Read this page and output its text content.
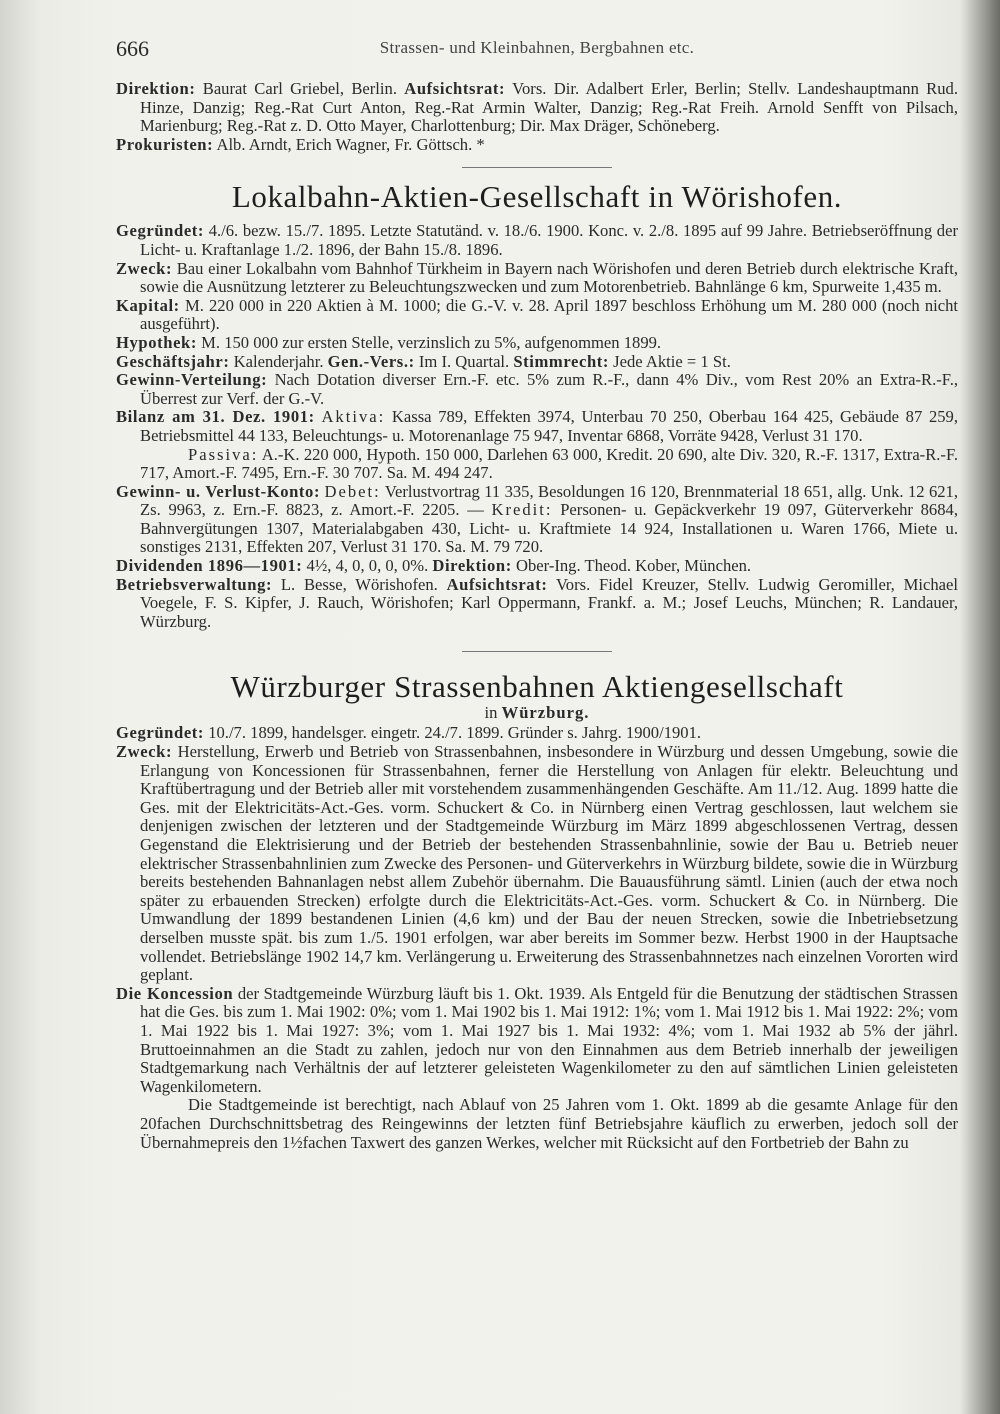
666	Strassen- und Kleinbahnen, Bergbahnen etc.

Direktion: Baurat Carl Griebel, Berlin. Aufsichtsrat: Vors. Dir. Adalbert Erler, Berlin; Stellv. Landeshauptmann Rud. Hinze, Danzig; Reg.-Rat Curt Anton, Reg.-Rat Armin Walter, Danzig; Reg.-Rat Freih. Arnold Senfft von Pilsach, Marienburg; Reg.-Rat z. D. Otto Mayer, Charlottenburg; Dir. Max Dräger, Schöneberg.

Prokuristen: Alb. Arndt, Erich Wagner, Fr. Göttsch. *

Lokalbahn-Aktien-Gesellschaft in Wörishofen.

Gegründet: 4./6. bezw. 15./7. 1895. Letzte Statutänd. v. 18./6. 1900. Konc. v. 2./8. 1895 auf 99 Jahre. Betriebseröffnung der Licht- u. Kraftanlage 1./2. 1896, der Bahn 15./8. 1896.

Zweck: Bau einer Lokalbahn vom Bahnhof Türkheim in Bayern nach Wörishofen und deren Betrieb durch elektrische Kraft, sowie die Ausnützung letzterer zu Beleuchtungszwecken und zum Motorenbetrieb. Bahnlänge 6 km, Spurweite 1,435 m.

Kapital: M. 220 000 in 220 Aktien à M. 1000; die G.-V. v. 28. April 1897 beschloss Erhöhung um M. 280 000 (noch nicht ausgeführt).

Hypothek: M. 150 000 zur ersten Stelle, verzinslich zu 5%, aufgenommen 1899.

Geschäftsjahr: Kalenderjahr. Gen.-Vers.: Im I. Quartal. Stimmrecht: Jede Aktie = 1 St.

Gewinn-Verteilung: Nach Dotation diverser Ern.-F. etc. 5% zum R.-F., dann 4% Div., vom Rest 20% an Extra-R.-F., Überrest zur Verf. der G.-V.

Bilanz am 31. Dez. 1901: Aktiva: Kassa 789, Effekten 3974, Unterbau 70 250, Oberbau 164 425, Gebäude 87 259, Betriebsmittel 44 133, Beleuchtungs- u. Motorenanlage 75 947, Inventar 6868, Vorräte 9428, Verlust 31 170.

Passiva: A.-K. 220 000, Hypoth. 150 000, Darlehen 63 000, Kredit. 20 690, alte Div. 320, R.-F. 1317, Extra-R.-F. 717, Amort.-F. 7495, Ern.-F. 30 707. Sa. M. 494 247.

Gewinn- u. Verlust-Konto: Debet: Verlustvortrag 11 335, Besoldungen 16 120, Brennmaterial 18 651, allg. Unk. 12 621, Zs. 9963, z. Ern.-F. 8823, z. Amort.-F. 2205. — Kredit: Personen- u. Gepäckverkehr 19 097, Güterverkehr 8684, Bahnvergütungen 1307, Materialabgaben 430, Licht- u. Kraftmiete 14 924, Installationen u. Waren 1766, Miete u. sonstiges 2131, Effekten 207, Verlust 31 170. Sa. M. 79 720.

Dividenden 1896—1901: 4½, 4, 0, 0, 0, 0%. Direktion: Ober-Ing. Theod. Kober, München.

Betriebsverwaltung: L. Besse, Wörishofen. Aufsichtsrat: Vors. Fidel Kreuzer, Stellv. Ludwig Geromiller, Michael Voegele, F. S. Kipfer, J. Rauch, Wörishofen; Karl Oppermann, Frankf. a. M.; Josef Leuchs, München; R. Landauer, Würzburg.

Würzburger Strassenbahnen Aktiengesellschaft
in Würzburg.

Gegründet: 10./7. 1899, handelsger. eingetr. 24./7. 1899. Gründer s. Jahrg. 1900/1901.

Zweck: Herstellung, Erwerb und Betrieb von Strassenbahnen, insbesondere in Würzburg und dessen Umgebung, sowie die Erlangung von Koncessionen für Strassenbahnen, ferner die Herstellung von Anlagen für elektr. Beleuchtung und Kraftübertragung und der Betrieb aller mit vorstehendem zusammenhängenden Geschäfte. Am 11./12. Aug. 1899 hatte die Ges. mit der Elektricitäts-Act.-Ges. vorm. Schuckert & Co. in Nürnberg einen Vertrag geschlossen, laut welchem sie denjenigen zwischen der letzteren und der Stadtgemeinde Würzburg im März 1899 abgeschlossenen Vertrag, dessen Gegenstand die Elektrisierung und der Betrieb der bestehenden Strassenbahnlinie, sowie der Bau u. Betrieb neuer elektrischer Strassenbahnlinien zum Zwecke des Personen- und Güterverkehrs in Würzburg bildete, sowie die in Würzburg bereits bestehenden Bahnanlagen nebst allem Zubehör übernahm. Die Bauausführung sämtl. Linien (auch der etwa noch später zu erbauenden Strecken) erfolgte durch die Elektricitäts-Act.-Ges. vorm. Schuckert & Co. in Nürnberg. Die Umwandlung der 1899 bestandenen Linien (4,6 km) und der Bau der neuen Strecken, sowie die Inbetriebsetzung derselben musste spät. bis zum 1./5. 1901 erfolgen, war aber bereits im Sommer bezw. Herbst 1900 in der Hauptsache vollendet. Betriebslänge 1902 14,7 km. Verlängerung u. Erweiterung des Strassenbahnnetzes nach einzelnen Vororten wird geplant.

Die Koncession der Stadtgemeinde Würzburg läuft bis 1. Okt. 1939. Als Entgeld für die Benutzung der städtischen Strassen hat die Ges. bis zum 1. Mai 1902: 0%; vom 1. Mai 1902 bis 1. Mai 1912: 1%; vom 1. Mai 1912 bis 1. Mai 1922: 2%; vom 1. Mai 1922 bis 1. Mai 1927: 3%; vom 1. Mai 1927 bis 1. Mai 1932: 4%; vom 1. Mai 1932 ab 5% der jährl. Bruttoeinnahmen an die Stadt zu zahlen, jedoch nur von den Einnahmen aus dem Betrieb innerhalb der jeweiligen Stadtgemarkung nach Verhältnis der auf letzterer geleisteten Wagenkilometer zu den auf sämtlichen Linien geleisteten Wagenkilometern.

Die Stadtgemeinde ist berechtigt, nach Ablauf von 25 Jahren vom 1. Okt. 1899 ab die gesamte Anlage für den 20fachen Durchschnittsbetrag des Reingewinns der letzten fünf Betriebsjahre käuflich zu erwerben, jedoch soll der Übernahmepreis den 1½fachen Taxwert des ganzen Werkes, welcher mit Rücksicht auf den Fortbetrieb der Bahn zu
